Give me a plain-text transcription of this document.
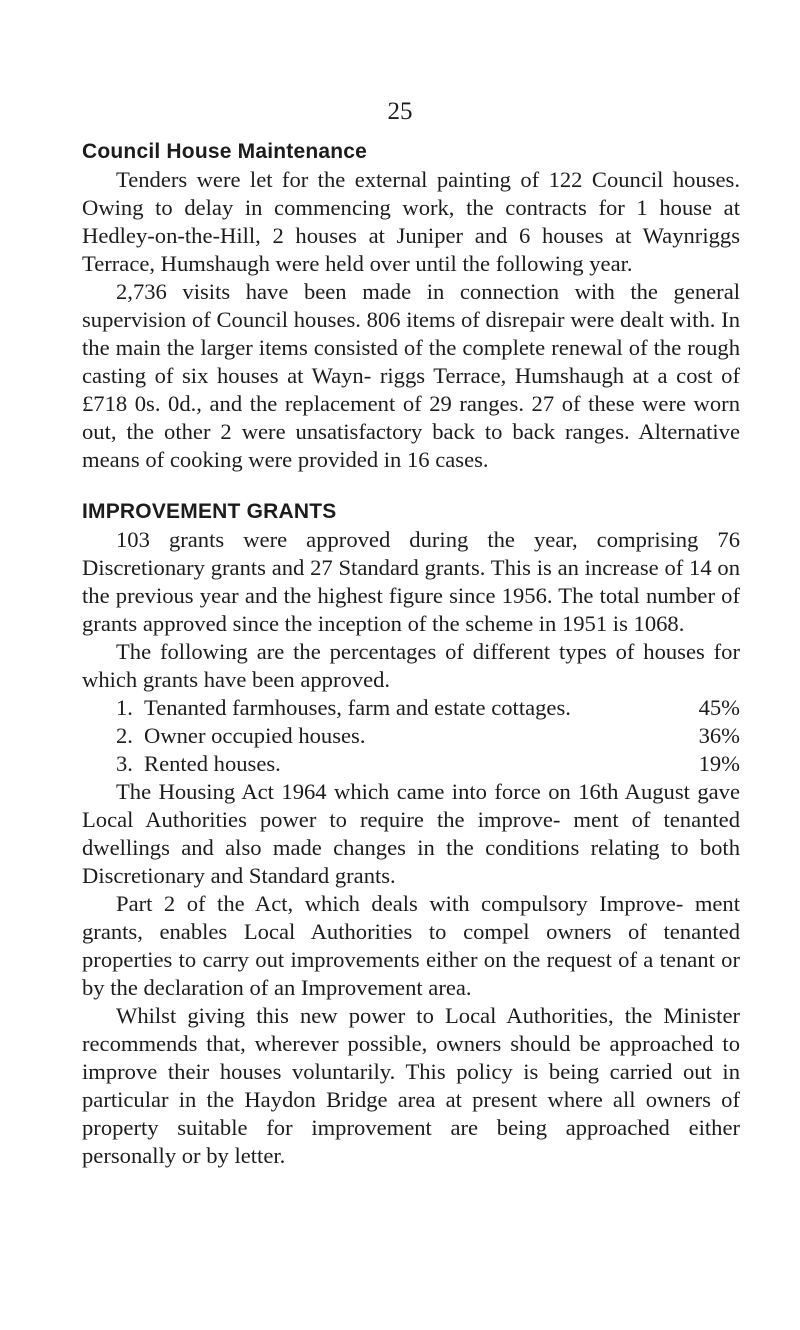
25
Council House Maintenance

Tenders were let for the external painting of 122 Council houses. Owing to delay in commencing work, the contracts for 1 house at Hedley-on-the-Hill, 2 houses at Juniper and 6 houses at Waynriggs Terrace, Humshaugh were held over until the following year.

2,736 visits have been made in connection with the general supervision of Council houses. 806 items of disrepair were dealt with. In the main the larger items consisted of the complete renewal of the rough casting of six houses at Wayn- riggs Terrace, Humshaugh at a cost of £718 0s. 0d., and the replacement of 29 ranges. 27 of these were worn out, the other 2 were unsatisfactory back to back ranges. Alternative means of cooking were provided in 16 cases.

IMPROVEMENT GRANTS

103 grants were approved during the year, comprising 76 Discretionary grants and 27 Standard grants. This is an increase of 14 on the previous year and the highest figure since 1956. The total number of grants approved since the inception of the scheme in 1951 is 1068.

The following are the percentages of different types of houses for which grants have been approved.

1. Tenanted farmhouses, farm and estate cottages.	45%
2. Owner occupied houses.	36%
3. Rented houses.	19%

The Housing Act 1964 which came into force on 16th August gave Local Authorities power to require the improve- ment of tenanted dwellings and also made changes in the conditions relating to both Discretionary and Standard grants.

Part 2 of the Act, which deals with compulsory Improve- ment grants, enables Local Authorities to compel owners of tenanted properties to carry out improvements either on the request of a tenant or by the declaration of an Improvement area.

Whilst giving this new power to Local Authorities, the Minister recommends that, wherever possible, owners should be approached to improve their houses voluntarily. This policy is being carried out in particular in the Haydon Bridge area at present where all owners of property suitable for improvement are being approached either personally or by letter.
